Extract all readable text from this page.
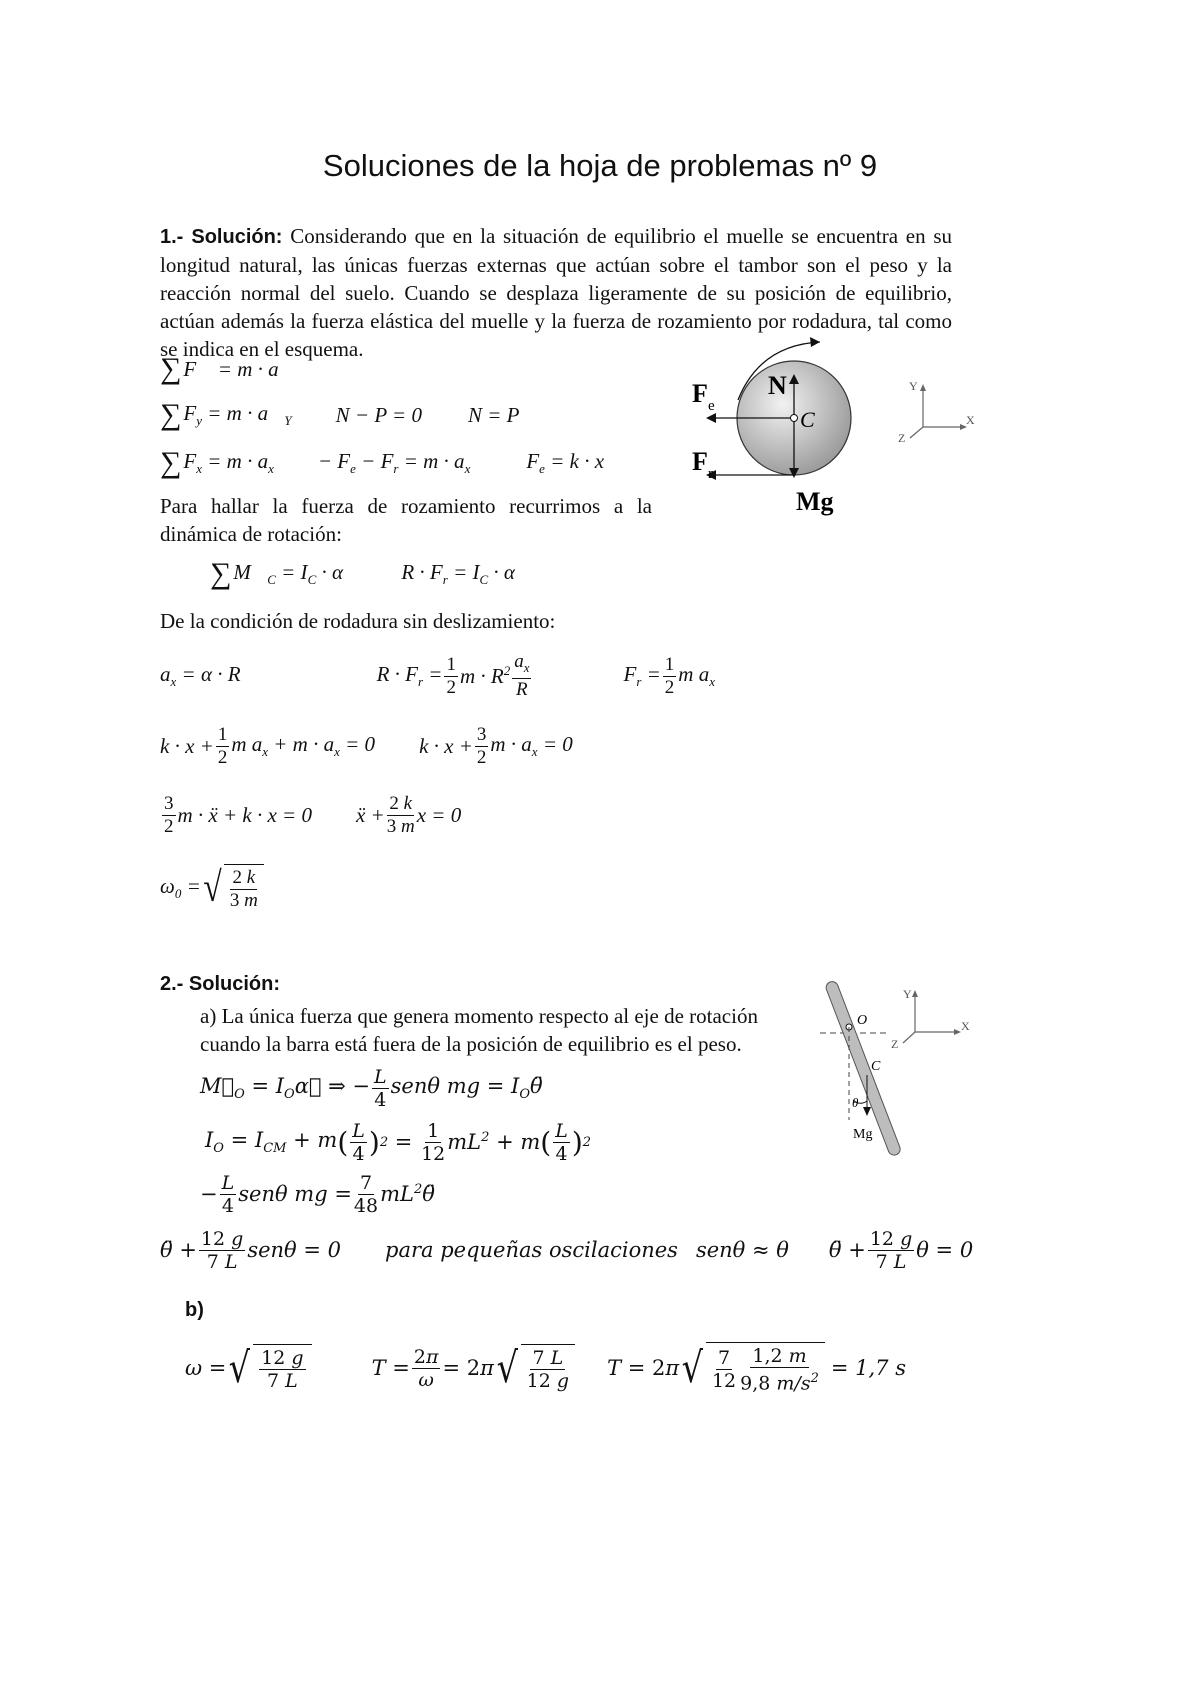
Soluciones de la hoja de problemas nº 9
1.- Solución: Considerando que en la situación de equilibrio el muelle se encuentra en su longitud natural, las únicas fuerzas externas que actúan sobre el tambor son el peso y la reacción normal del suelo. Cuando se desplaza ligeramente de su posición de equilibrio, actúan además la fuerza elástica del muelle y la fuerza de rozamiento por rodadura, tal como se indica en el esquema.
∑ F⃗ = m · a⃗
∑ $F_y = m$ · $a⃗_Y$ N − P = 0 N = P
∑ $F_x = m \cdot a_x - F_e - F_r = m \cdot a_x$	$F_e = k \cdot x$
Para hallar la fuerza de rozamiento recurrimos a la dinámica de rotación:
∑ $M⃗_C = I_C$ · α⃗ $R \cdot F_r = I_C \cdot \alpha$
De la condición de rodadura sin deslizamiento:
$a_x = \alpha \cdot R$	$R \cdot F_r = \frac{1}{2}$ $m \cdot R^2 \frac{a_x}{R}$	$F_r = \frac{1}{2}$ m $a_x$
$k \cdot x + \frac{1}{2}$ m $a_x + m \cdot a_x = 0$ $k \cdot x + \frac{3}{2}$ $m \cdot a_x = 0$
$\frac{3}{2}$ m · ẍ + k · x = 0 ẍ + $\frac{2 k}{3 m}$ x = 0
$\omega_0$ = √ $\frac{2 k}{3 m}$
N
C
Mg
F e
F r
Y
X
Z
2.- Solución:
a) La única fuerza que genera momento respecto al eje de rotación cuando la barra está fuera de la posición de equilibrio es el peso.
$M⃗_O$ = $I_O\alpha⃗$ ⇒ − $\frac{L}{4}$ senθ mg = $I_O\thetä$
$I_O = I_{CM} + m$ ( $\frac{L}{4}$ ) $2 = \frac{1}{12} mL^2 + m$ ( $\frac{L}{4}$ ) 2
− $\frac{L}{4}$ senθ mg = $\frac{7}{48}$ $mL^2\thetä$
θ̈ + $\frac{12 g}{7 L}$ senθ = 0 para pequeñas oscilaciones senθ ≈ θ θ̈ + $\frac{12 g}{7 L}$ θ = 0
b)
ω = √ $\frac{12 g}{7 L}$	$T = \frac{2\pi}{\omega} = 2\pi$ √ $\frac{7 L}{12 g}$ T = 2π √ $\frac{7}{12} \frac{1,2 m}{9,8 m/s^2} = 1,7$ s
O
C
θ
Mg
Y
X
Z
